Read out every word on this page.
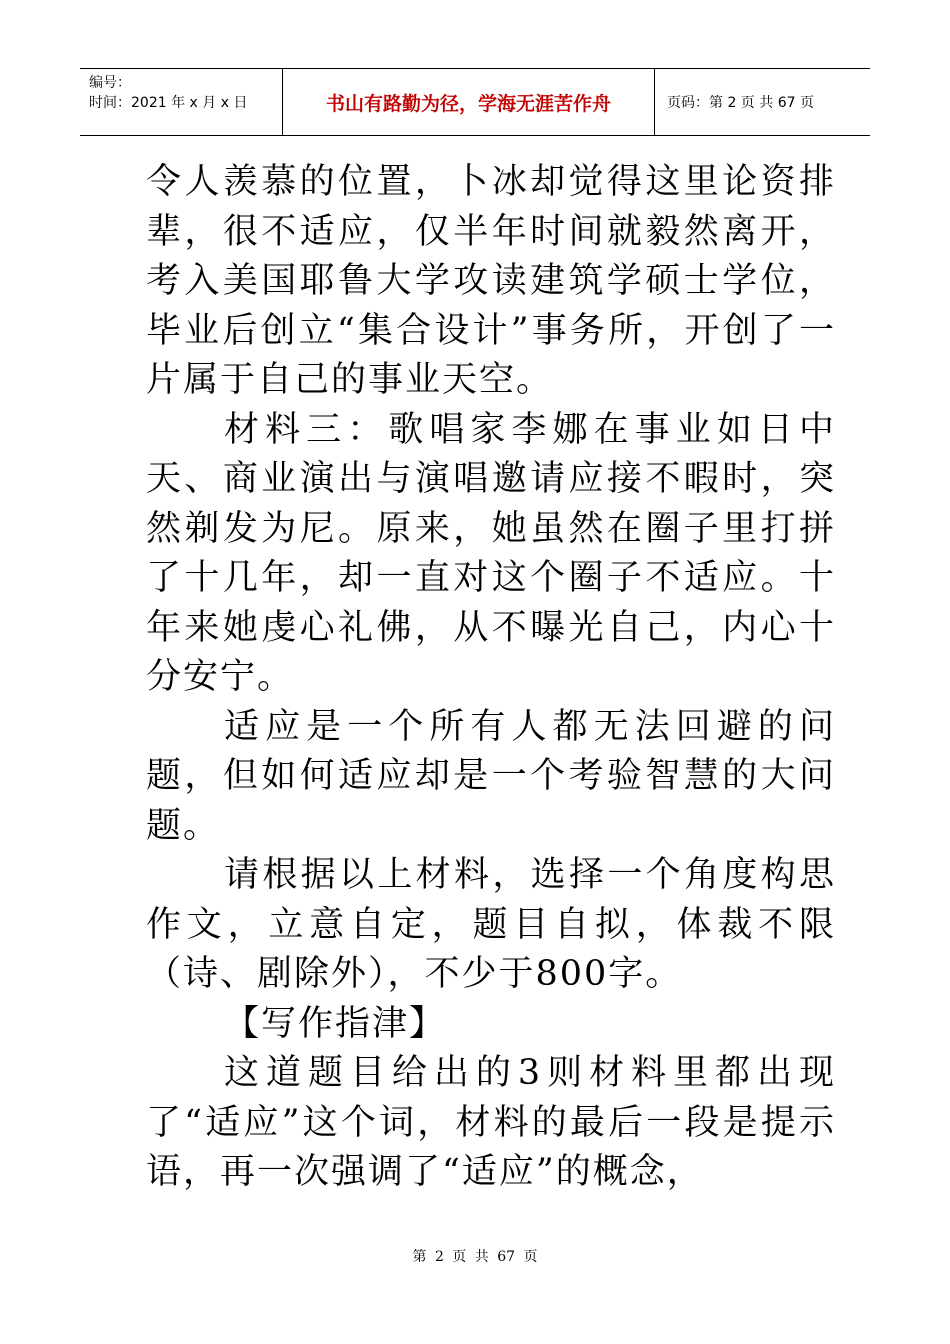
编号：
时间：2021 年 x 月 x 日	书山有路勤为径，学海无涯苦作舟	页码：第 2 页 共 67 页

令人羡慕的位置，卜冰却觉得这里论资排辈，很不适应，仅半年时间就毅然离开，考入美国耶鲁大学攻读建筑学硕士学位，毕业后创立“集合设计”事务所，开创了一片属于自己的事业天空。

材料三：歌唱家李娜在事业如日中天、商业演出与演唱邀请应接不暇时，突然剃发为尼。原来，她虽然在圈子里打拼了十几年，却一直对这个圈子不适应。十年来她虔心礼佛，从不曝光自己，内心十分安宁。

适应是一个所有人都无法回避的问题，但如何适应却是一个考验智慧的大问题。

请根据以上材料，选择一个角度构思作文，立意自定，题目自拟，体裁不限（诗、剧除外），不少于800字。

【写作指津】

这道题目给出的3则材料里都出现了“适应”这个词，材料的最后一段是提示语，再一次强调了“适应”的概念，

第 2 页 共 67 页
